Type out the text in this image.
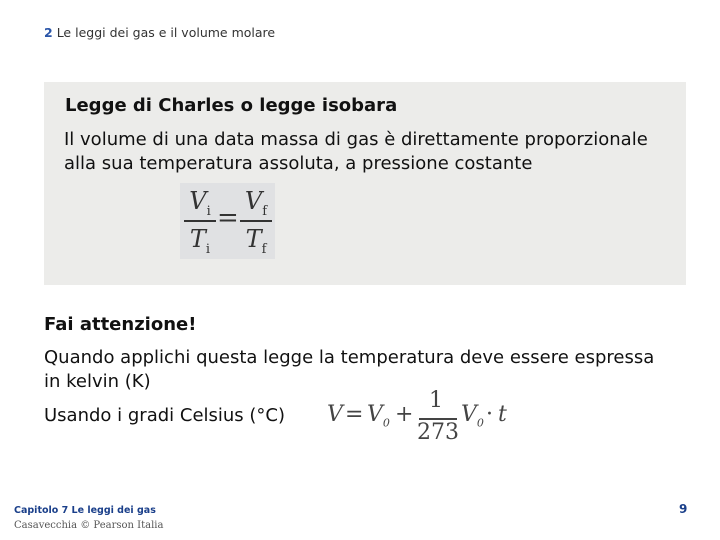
2 Le leggi dei gas e il volume molare
Legge di Charles o legge isobara
Il volume di una data massa di gas è direttamente proporzionale alla sua temperatura assoluta, a pressione costante
$V_i$
$T_i$
=
$V_f$
$T_f$
Fai attenzione!
Quando applichi questa legge la temperatura deve essere espressa in kelvin (K)
Usando i gradi Celsius (°C) $V = V_0$ +
1
273
$V_0 \cdot t$
Capitolo 7 Le leggi dei gas
Casavecchia © Pearson Italia
9
